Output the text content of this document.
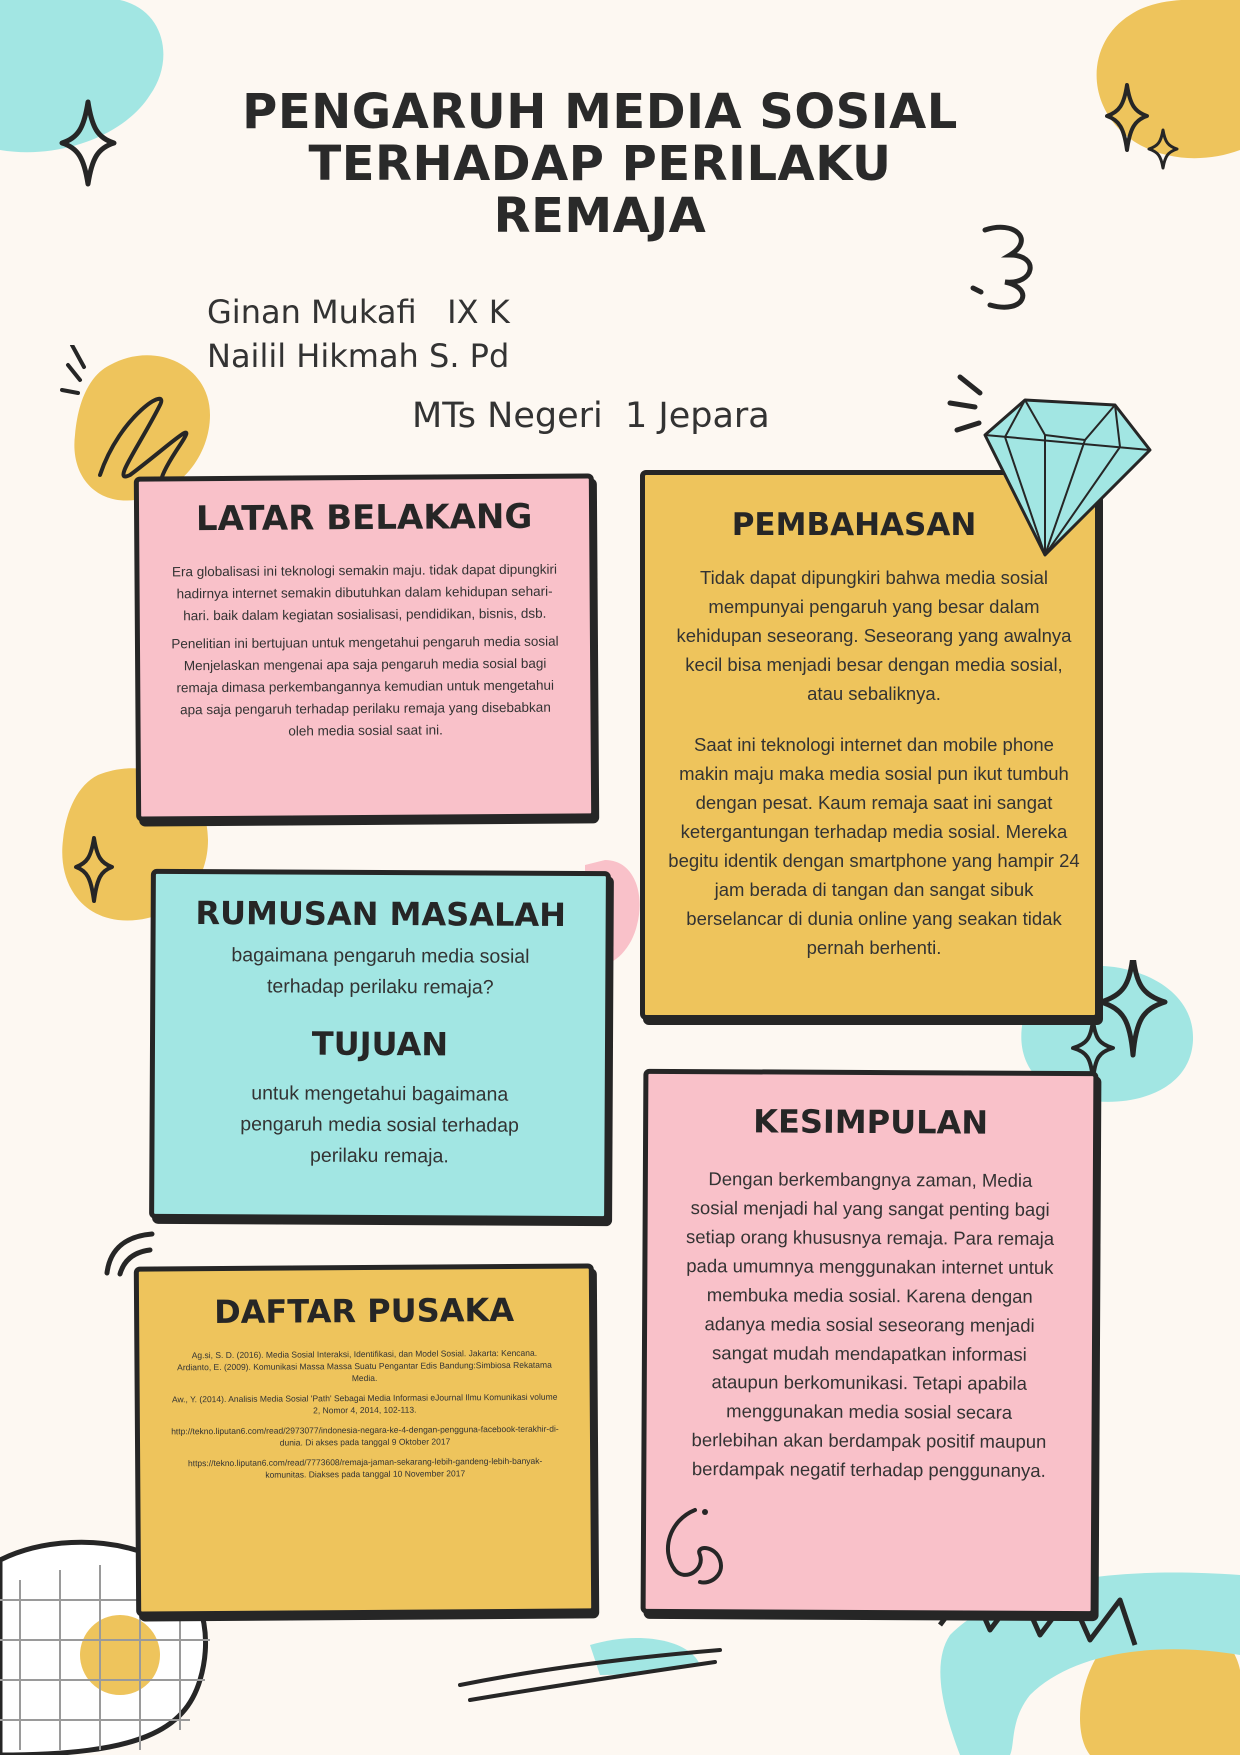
PENGARUH MEDIA SOSIAL
TERHADAP PERILAKU
REMAJA
Ginan Mukafi   IX K
Nailil Hikmah S. Pd
MTs Negeri  1 Jepara
LATAR BELAKANG

Era globalisasi ini teknologi semakin maju. tidak dapat dipungkiri hadirnya internet semakin dibutuhkan dalam kehidupan sehari-hari. baik dalam kegiatan sosialisasi, pendidikan, bisnis, dsb.

Penelitian ini bertujuan untuk mengetahui pengaruh media sosial Menjelaskan mengenai apa saja pengaruh media sosial bagi remaja dimasa perkembangannya kemudian untuk mengetahui apa saja pengaruh terhadap perilaku remaja yang disebabkan oleh media sosial saat ini.

PEMBAHASAN

Tidak dapat dipungkiri bahwa media sosial mempunyai pengaruh yang besar dalam kehidupan seseorang. Seseorang yang awalnya kecil bisa menjadi besar dengan media sosial, atau sebaliknya.

Saat ini teknologi internet dan mobile phone makin maju maka media sosial pun ikut tumbuh dengan pesat. Kaum remaja saat ini sangat ketergantungan terhadap media sosial. Mereka begitu identik dengan smartphone yang hampir 24 jam berada di tangan dan sangat sibuk berselancar di dunia online yang seakan tidak pernah berhenti.

RUMUSAN MASALAH

bagaimana pengaruh media sosial terhadap perilaku remaja?

TUJUAN

untuk mengetahui bagaimana pengaruh media sosial terhadap perilaku remaja.

DAFTAR PUSAKA

Ag.si, S. D. (2016). Media Sosial Interaksi, Identifikasi, dan Model Sosial. Jakarta: Kencana.

Ardianto, E. (2009). Komunikasi Massa Massa Suatu Pengantar Edis Bandung:Simbiosa Rekatama Media.

Aw., Y. (2014). Analisis Media Sosial 'Path' Sebagai Media Informasi eJournal Ilmu Komunikasi volume 2, Nomor 4, 2014, 102-113.

http://tekno.liputan6.com/read/2973077/indonesia-negara-ke-4-dengan-pengguna-facebook-terakhir-di-dunia. Di akses pada tanggal 9 Oktober 2017

https://tekno.liputan6.com/read/7773608/remaja-jaman-sekarang-lebih-gandeng-lebih-banyak-komunitas. Diakses pada tanggal 10 November 2017

KESIMPULAN

Dengan berkembangnya zaman, Media sosial menjadi hal yang sangat penting bagi setiap orang khususnya remaja. Para remaja pada umumnya menggunakan internet untuk membuka media sosial. Karena dengan adanya media sosial seseorang menjadi sangat mudah mendapatkan informasi ataupun berkomunikasi. Tetapi apabila menggunakan media sosial secara berlebihan akan berdampak positif maupun berdampak negatif terhadap penggunanya.
